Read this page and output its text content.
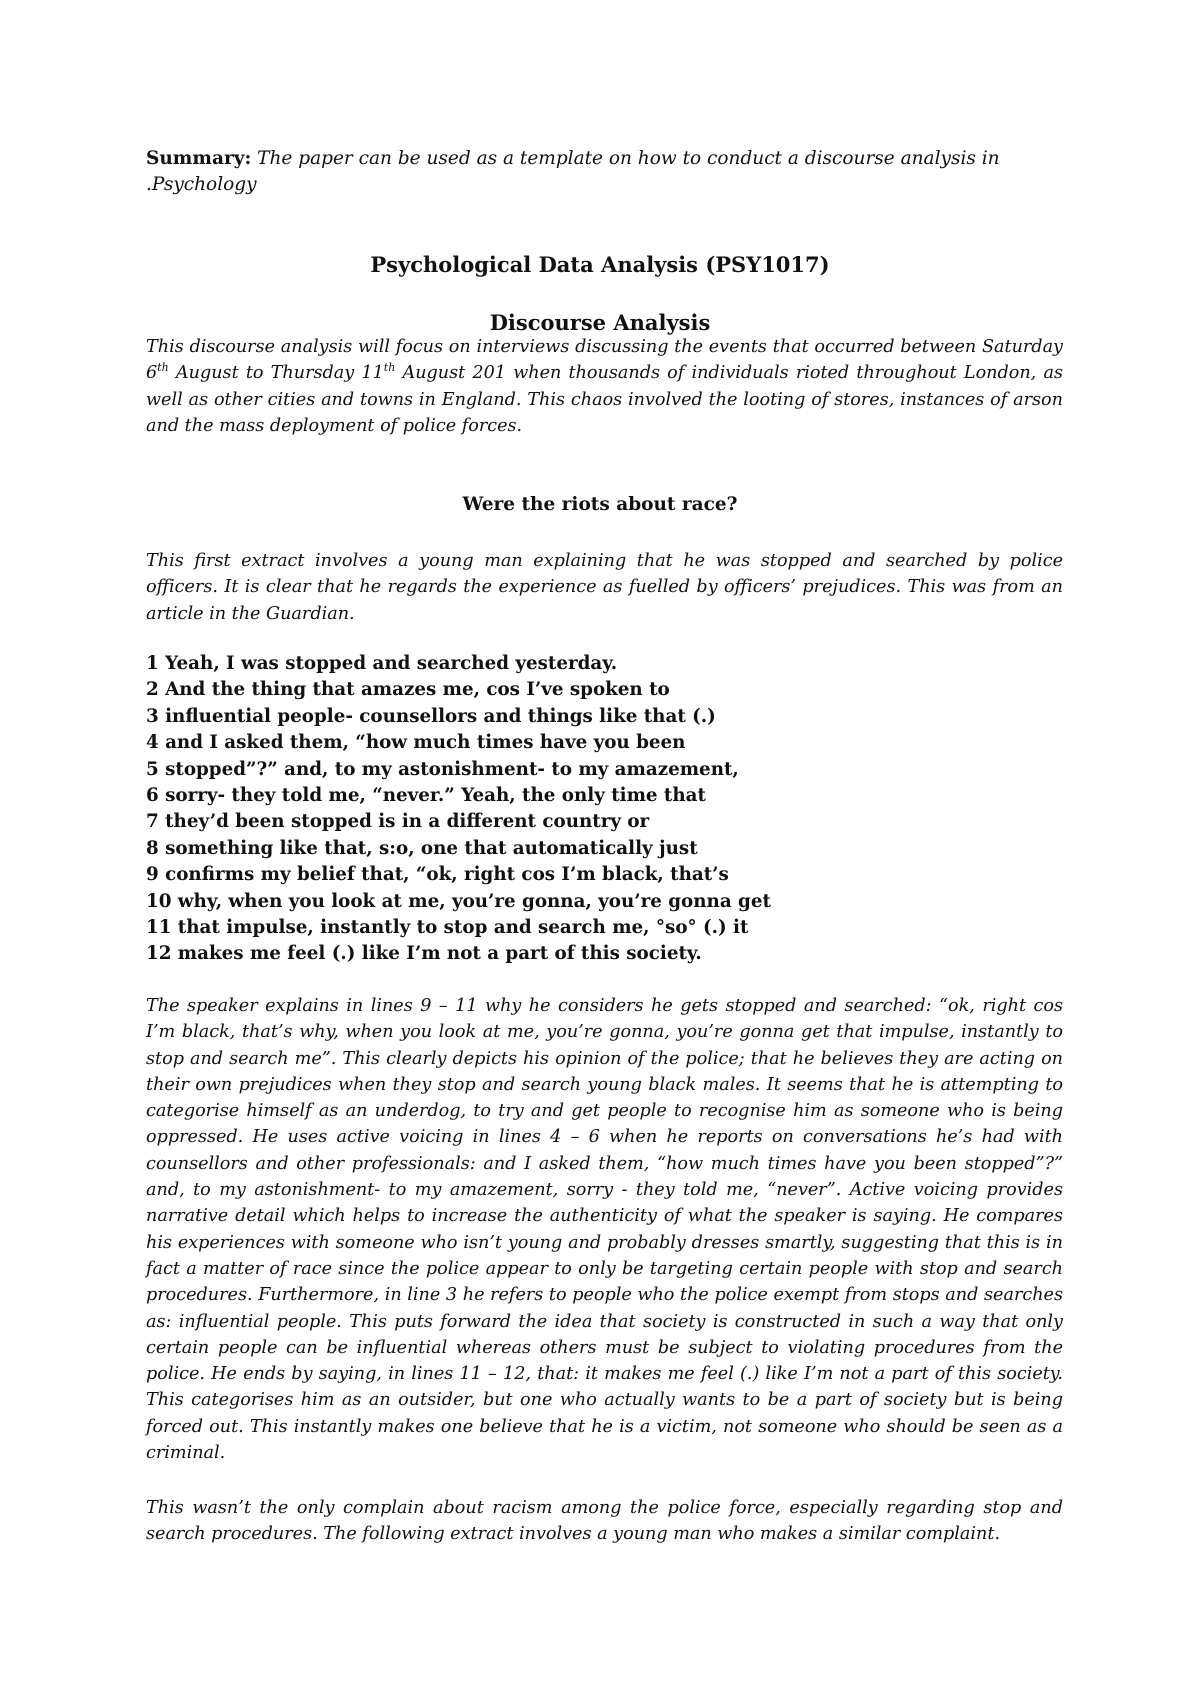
Summary: The paper can be used as a template on how to conduct a discourse analysis in
.Psychology
Psychological Data Analysis (PSY1017)
Discourse Analysis

This discourse analysis will focus on interviews discussing the events that occurred between Saturday 6th August to Thursday 11th August 201 when thousands of individuals rioted throughout London, as well as other cities and towns in England. This chaos involved the looting of stores, instances of arson and the mass deployment of police forces.

Were the riots about race?

This first extract involves a young man explaining that he was stopped and searched by police officers. It is clear that he regards the experience as fuelled by officers’ prejudices. This was from an article in the Guardian.

1 Yeah, I was stopped and searched yesterday.
2 And the thing that amazes me, cos I’ve spoken to
3 influential people- counsellors and things like that (.)
4 and I asked them, “how much times have you been
5 stopped”?” and, to my astonishment- to my amazement,
6 sorry- they told me, “never.” Yeah, the only time that
7 they’d been stopped is in a different country or
8 something like that, s:o, one that automatically just
9 confirms my belief that, “ok, right cos I’m black, that’s
10 why, when you look at me, you’re gonna, you’re gonna get
11 that impulse, instantly to stop and search me, °so° (.) it
12 makes me feel (.) like I’m not a part of this society.

The speaker explains in lines 9 – 11 why he considers he gets stopped and searched: “ok, right cos I’m black, that’s why, when you look at me, you’re gonna, you’re gonna get that impulse, instantly to stop and search me”. This clearly depicts his opinion of the police; that he believes they are acting on their own prejudices when they stop and search young black males. It seems that he is attempting to categorise himself as an underdog, to try and get people to recognise him as someone who is being oppressed. He uses active voicing in lines 4 – 6 when he reports on conversations he’s had with counsellors and other professionals: and I asked them, “how much times have you been stopped”?” and, to my astonishment- to my amazement, sorry - they told me, “never”. Active voicing provides narrative detail which helps to increase the authenticity of what the speaker is saying. He compares his experiences with someone who isn’t young and probably dresses smartly, suggesting that this is in fact a matter of race since the police appear to only be targeting certain people with stop and search procedures. Furthermore, in line 3 he refers to people who the police exempt from stops and searches as: influential people. This puts forward the idea that society is constructed in such a way that only certain people can be influential whereas others must be subject to violating procedures from the police. He ends by saying, in lines 11 – 12, that: it makes me feel (.) like I’m not a part of this society. This categorises him as an outsider, but one who actually wants to be a part of society but is being forced out. This instantly makes one believe that he is a victim, not someone who should be seen as a criminal.

This wasn’t the only complain about racism among the police force, especially regarding stop and search procedures. The following extract involves a young man who makes a similar complaint.
